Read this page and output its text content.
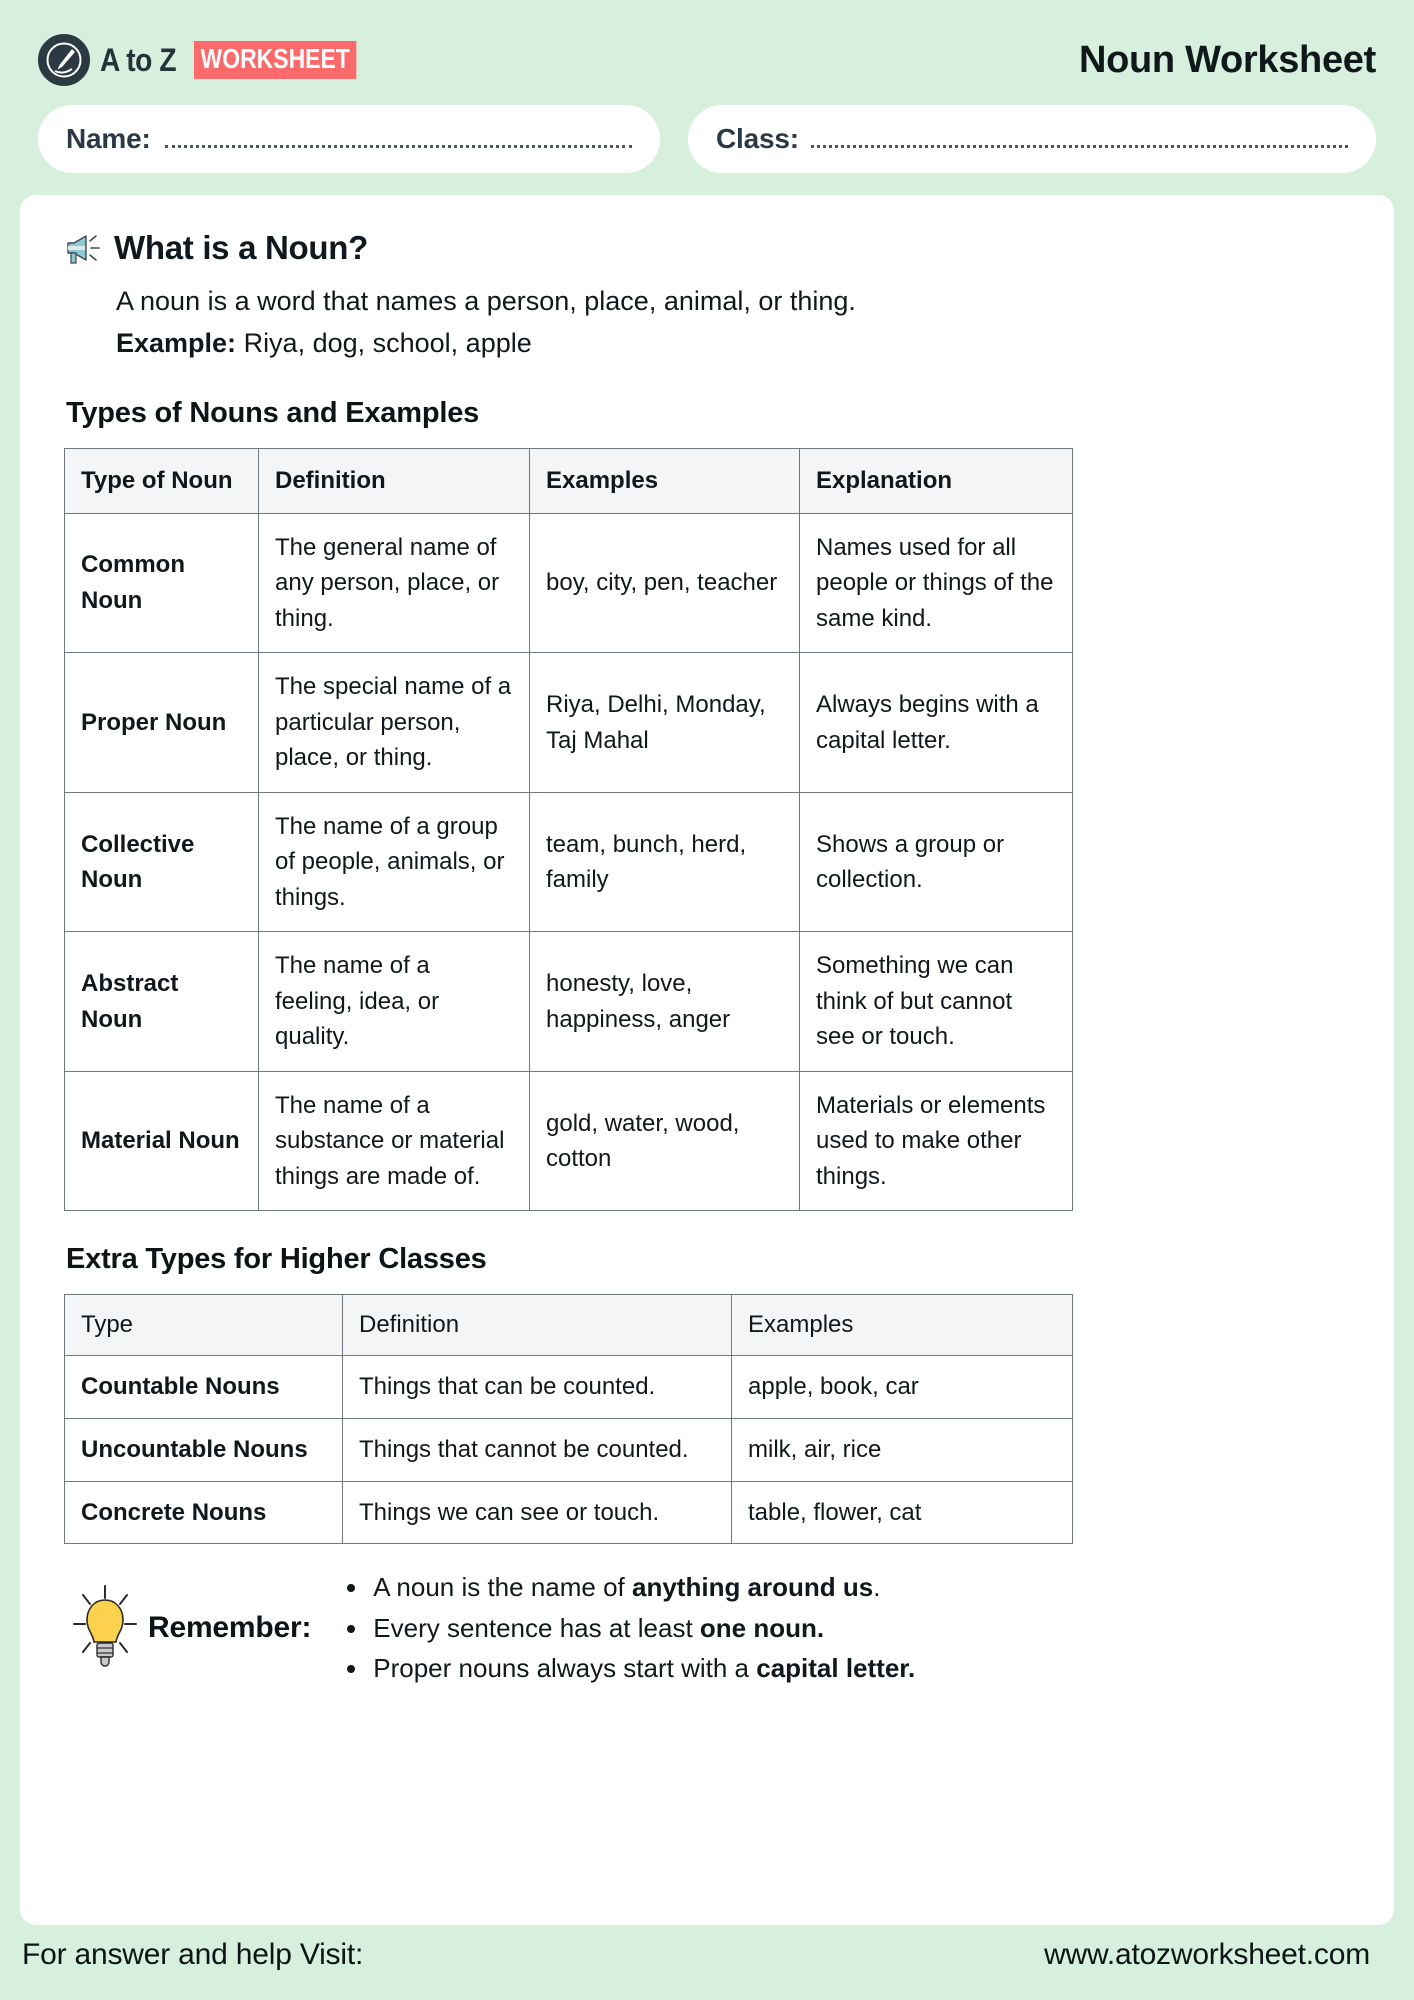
A to Z WORKSHEET	Noun Worksheet
Name:	Class:
What is a Noun?

A noun is a word that names a person, place, animal, or thing.

Example: Riya, dog, school, apple

Types of Nouns and Examples
Type of Noun	Definition	Examples	Explanation
Common Noun	The general name of any person, place, or thing.	boy, city, pen, teacher	Names used for all people or things of the same kind.
Proper Noun	The special name of a particular person, place, or thing.	Riya, Delhi, Monday, Taj Mahal	Always begins with a capital letter.
Collective Noun	The name of a group of people, animals, or things.	team, bunch, herd, family	Shows a group or collection.
Abstract Noun	The name of a feeling, idea, or quality.	honesty, love, happiness, anger	Something we can think of but cannot see or touch.
Material Noun	The name of a substance or material things are made of.	gold, water, wood, cotton	Materials or elements used to make other things.
Extra Types for Higher Classes
Type	Definition	Examples
Countable Nouns	Things that can be counted.	apple, book, car
Uncountable Nouns	Things that cannot be counted.	milk, air, rice
Concrete Nouns	Things we can see or touch.	table, flower, cat
Remember:
A noun is the name of anything around us.
Every sentence has at least one noun.
Proper nouns always start with a capital letter.
For answer and help Visit:	www.atozworksheet.com
